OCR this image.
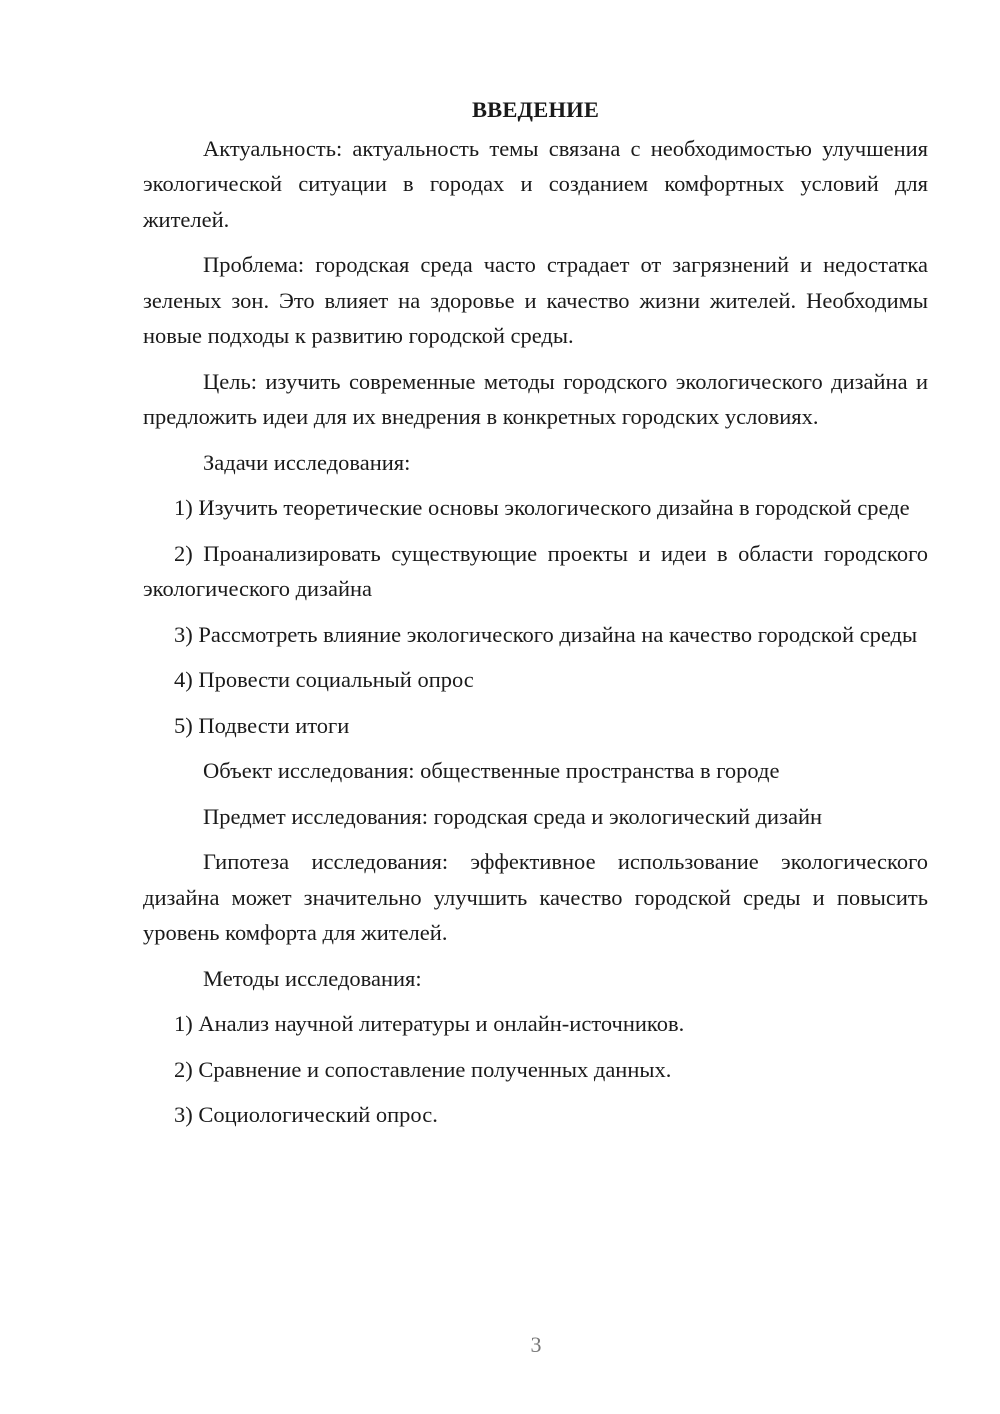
ВВЕДЕНИЕ

Актуальность: актуальность темы связана с необходимостью улучшения экологической ситуации в городах и созданием комфортных условий для жителей.

Проблема: городская среда часто страдает от загрязнений и недостатка зеленых зон. Это влияет на здоровье и качество жизни жителей. Необходимы новые подходы к развитию городской среды.

Цель: изучить современные методы городского экологического дизайна и предложить идеи для их внедрения в конкретных городских условиях.

Задачи исследования:

1) Изучить теоретические основы экологического дизайна в городской среде

2) Проанализировать существующие проекты и идеи в области городского экологического дизайна

3) Рассмотреть влияние экологического дизайна на качество городской среды

4) Провести социальный опрос

5) Подвести итоги

Объект исследования: общественные пространства в городе

Предмет исследования: городская среда и экологический дизайн

Гипотеза исследования: эффективное использование экологического дизайна может значительно улучшить качество городской среды и повысить уровень комфорта для жителей.

Методы исследования:

1) Анализ научной литературы и онлайн-источников.

2) Сравнение и сопоставление полученных данных.

3) Социологический опрос.

3
